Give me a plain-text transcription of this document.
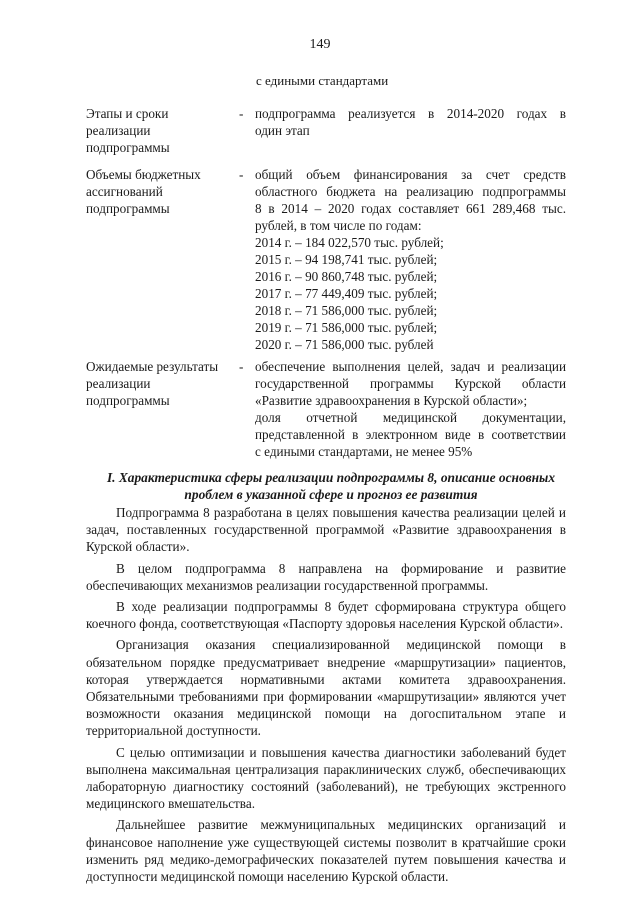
149
с едиными стандартами
Этапы и сроки
реализации
подпрограммы
- подпрограмма реализуется в 2014-2020 годах в
один этап
Объемы бюджетных
ассигнований
подпрограммы
- общий объем финансирования за счет средств
областного бюджета на реализацию подпрограммы
8 в 2014 – 2020 годах составляет 661 289,468 тыс.
рублей, в том числе по годам:
2014 г. – 184 022,570 тыс. рублей;
2015 г. – 94 198,741 тыс. рублей;
2016 г. – 90 860,748 тыс. рублей;
2017 г. – 77 449,409 тыс. рублей;
2018 г. – 71 586,000 тыс. рублей;
2019 г. – 71 586,000 тыс. рублей;
2020 г. – 71 586,000 тыс. рублей
Ожидаемые результаты
реализации
подпрограммы
- обеспечение выполнения целей, задач и реализации
государственной программы Курской области
«Развитие здравоохранения в Курской области»;
доля отчетной медицинской документации,
представленной в электронном виде в соответствии
с едиными стандартами, не менее 95%
I. Характеристика сферы реализации подпрограммы 8, описание основных
проблем в указанной сфере и прогноз ее развития

Подпрограмма 8 разработана в целях повышения качества реализации целей и задач, поставленных государственной программой «Развитие здравоохранения в Курской области».

В целом подпрограмма 8 направлена на формирование и развитие обеспечивающих механизмов реализации государственной программы.

В ходе реализации подпрограммы 8 будет сформирована структура общего коечного фонда, соответствующая «Паспорту здоровья населения Курской области».

Организация оказания специализированной медицинской помощи в обязательном порядке предусматривает внедрение «маршрутизации» пациентов, которая утверждается нормативными актами комитета здравоохранения. Обязательными требованиями при формировании «маршрутизации» являются учет возможности оказания медицинской помощи на догоспитальном этапе и территориальной доступности.

С целью оптимизации и повышения качества диагностики заболеваний будет выполнена максимальная централизация параклинических служб, обеспечивающих лабораторную диагностику состояний (заболеваний), не требующих экстренного медицинского вмешательства.

Дальнейшее развитие межмуниципальных медицинских организаций и финансовое наполнение уже существующей системы позволит в кратчайшие сроки изменить ряд медико-демографических показателей путем повышения качества и доступности медицинской помощи населению Курской области.
